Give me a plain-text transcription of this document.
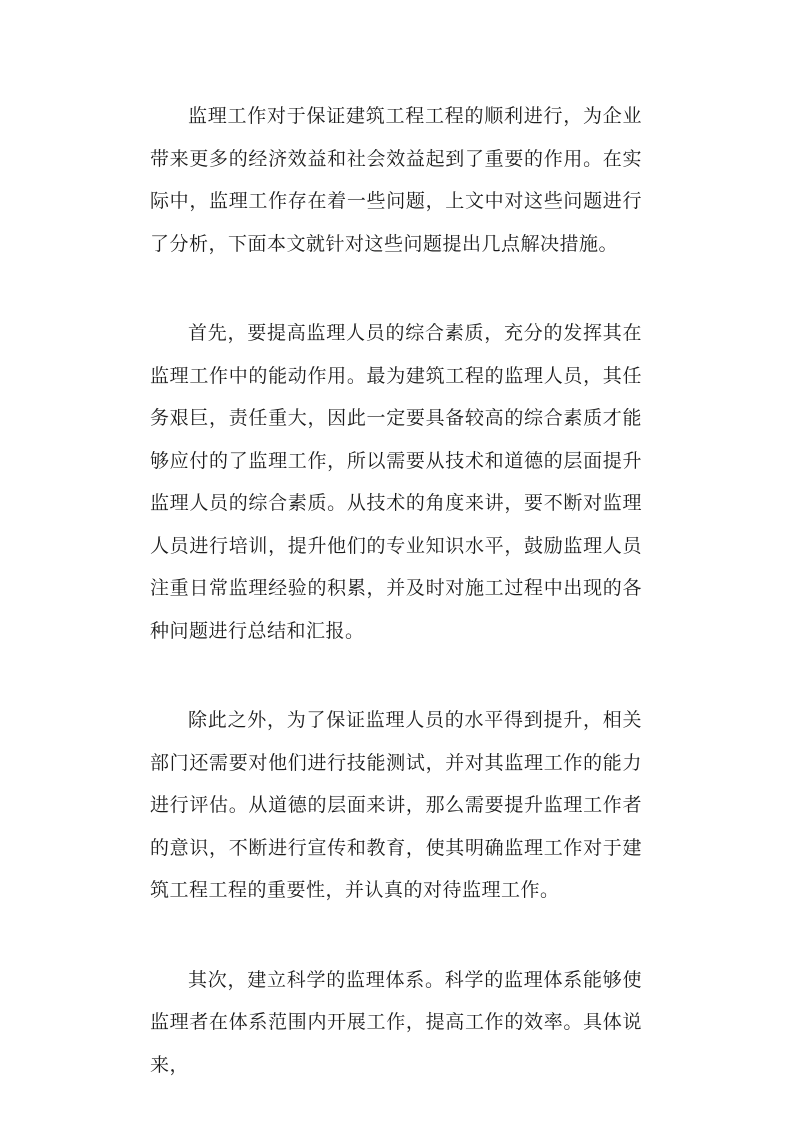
监理工作对于保证建筑工程工程的顺利进行，为企业带来更多的经济效益和社会效益起到了重要的作用。在实际中，监理工作存在着一些问题，上文中对这些问题进行了分析，下面本文就针对这些问题提出几点解决措施。

首先，要提高监理人员的综合素质，充分的发挥其在监理工作中的能动作用。最为建筑工程的监理人员，其任务艰巨，责任重大，因此一定要具备较高的综合素质才能够应付的了监理工作，所以需要从技术和道德的层面提升监理人员的综合素质。从技术的角度来讲，要不断对监理人员进行培训，提升他们的专业知识水平，鼓励监理人员注重日常监理经验的积累，并及时对施工过程中出现的各种问题进行总结和汇报。

除此之外，为了保证监理人员的水平得到提升，相关部门还需要对他们进行技能测试，并对其监理工作的能力进行评估。从道德的层面来讲，那么需要提升监理工作者的意识，不断进行宣传和教育，使其明确监理工作对于建筑工程工程的重要性，并认真的对待监理工作。

其次，建立科学的监理体系。科学的监理体系能够使监理者在体系范围内开展工作，提高工作的效率。具体说来，
